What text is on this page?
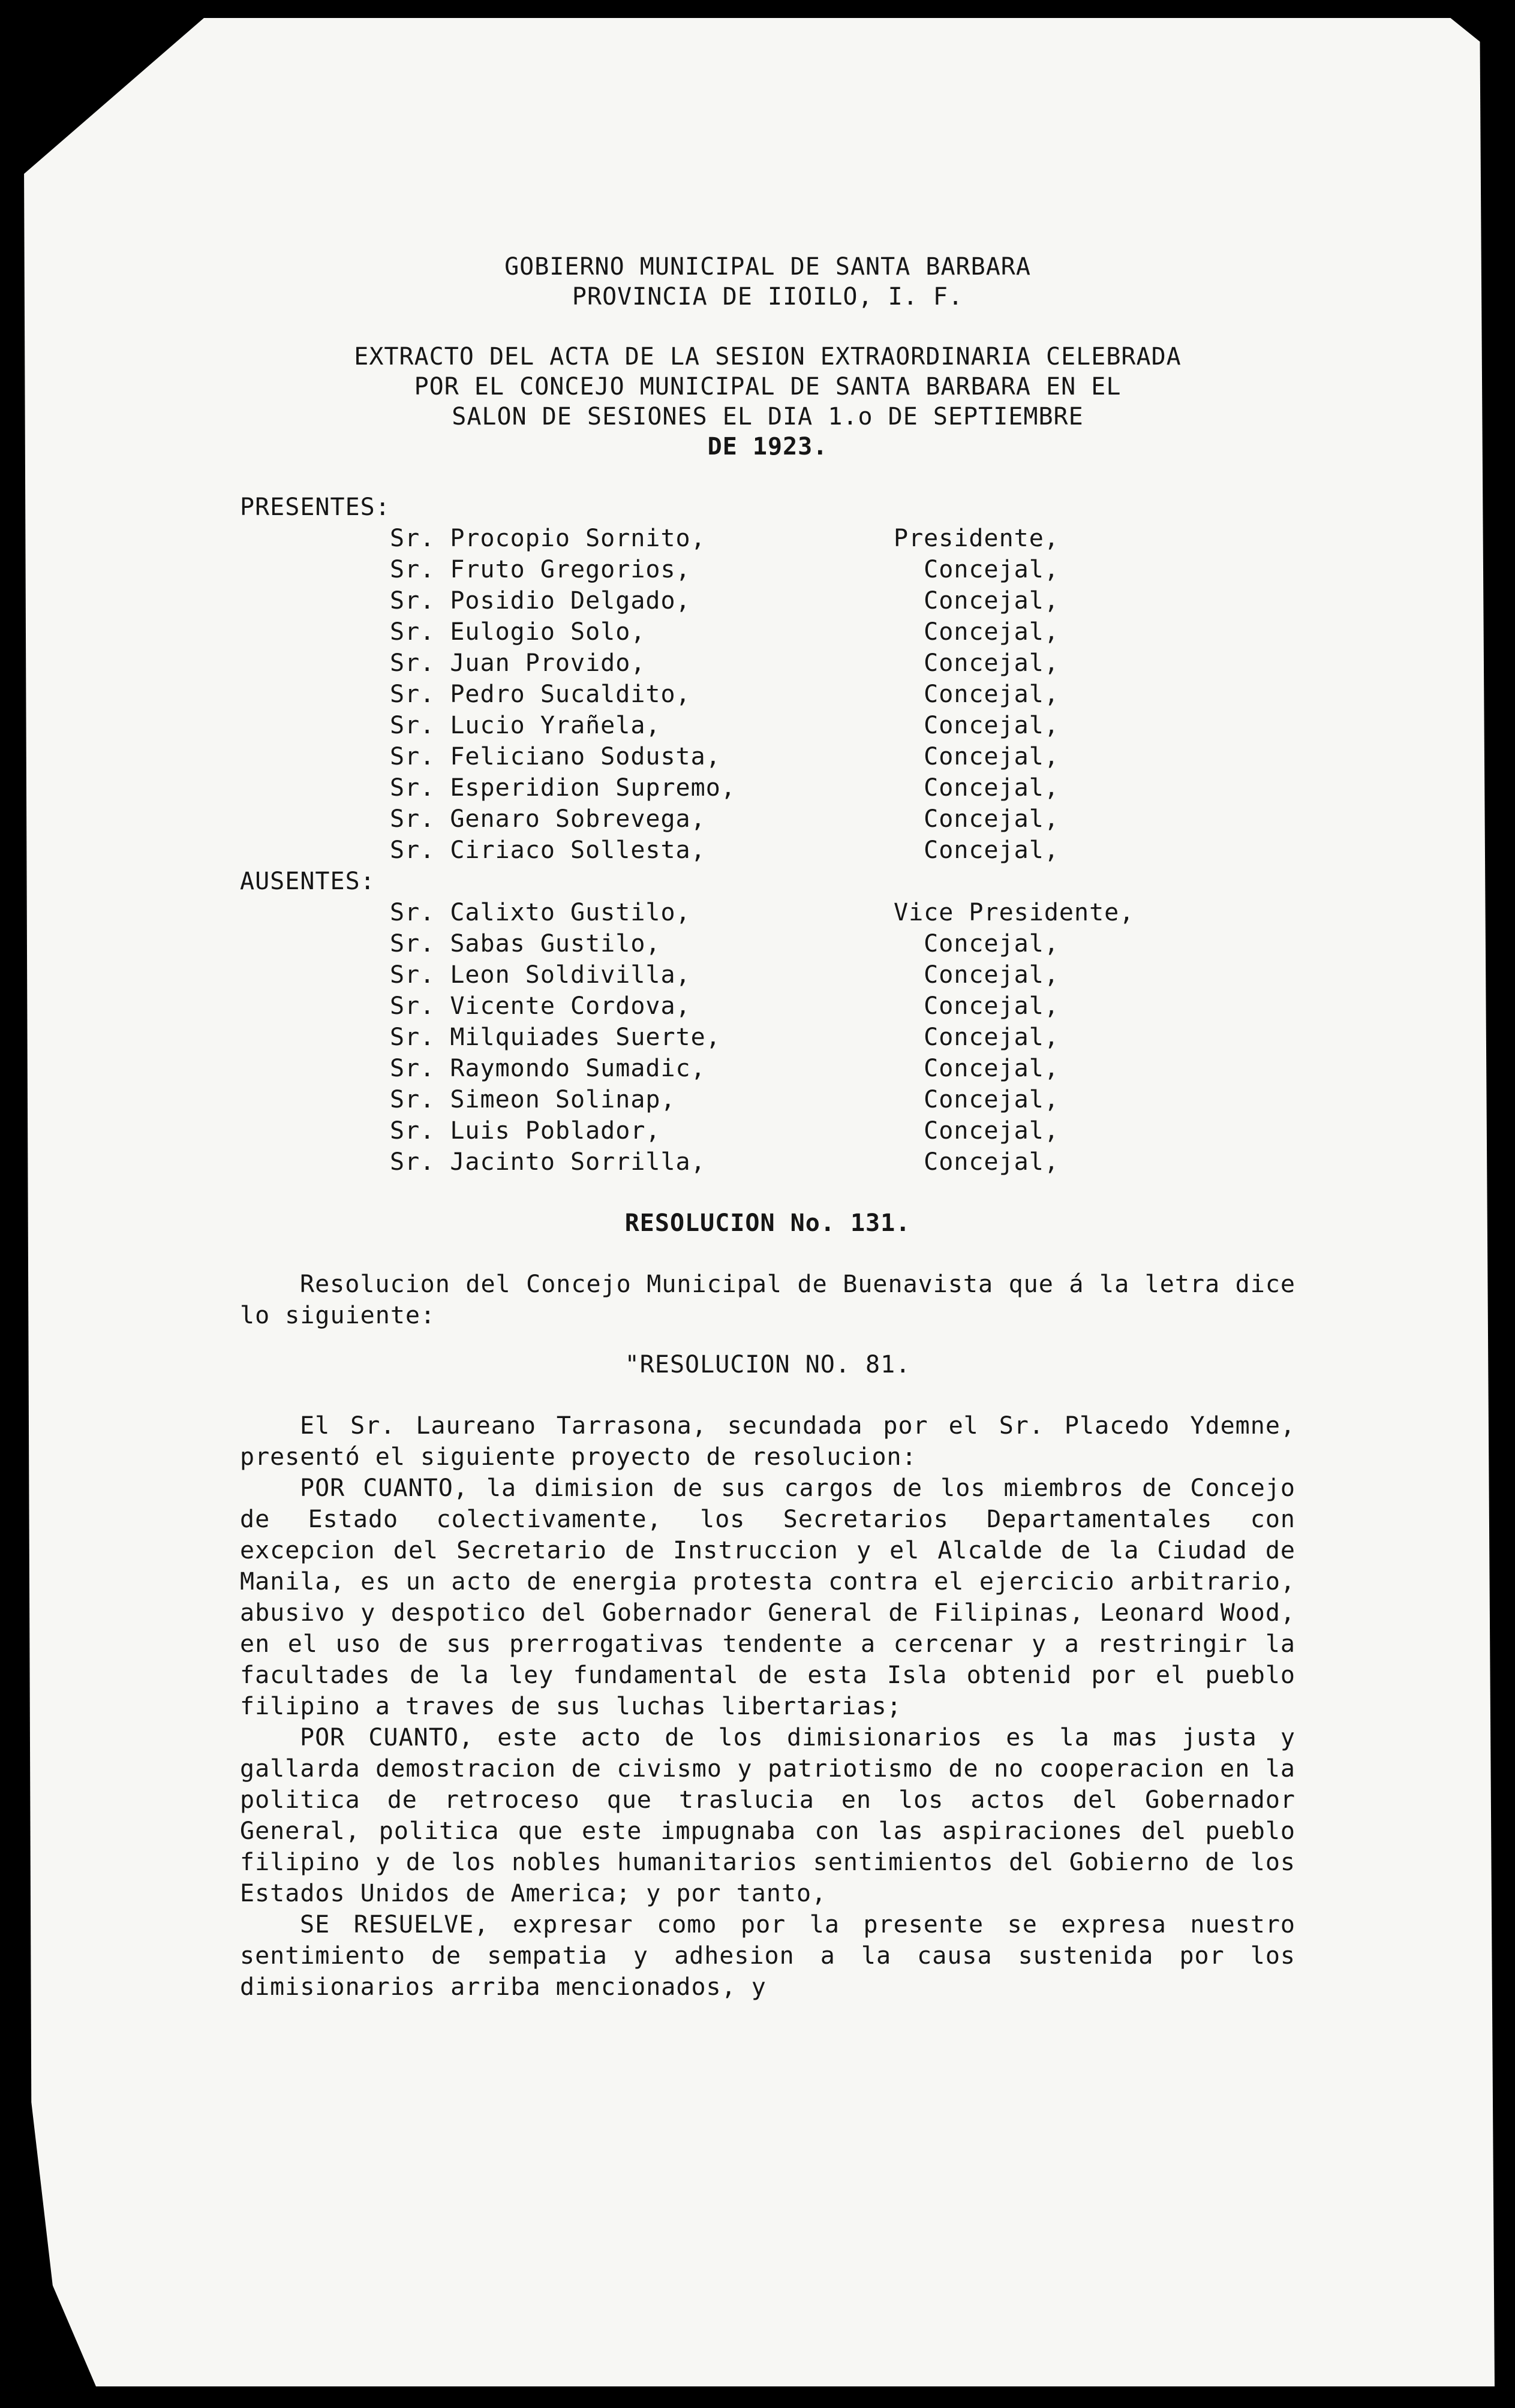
GOBIERNO MUNICIPAL DE SANTA BARBARA
PROVINCIA DE IIOILO, I. F.
EXTRACTO DEL ACTA DE LA SESION EXTRAORDINARIA CELEBRADA
POR EL CONCEJO MUNICIPAL DE SANTA BARBARA EN EL
SALON DE SESIONES EL DIA 1.o DE SEPTIEMBRE
DE 1923.
PRESENTES:
Sr. Procopio Sornito,	Presidente,
Sr. Fruto Gregorios,	Concejal,
Sr. Posidio Delgado,	Concejal,
Sr. Eulogio Solo,	Concejal,
Sr. Juan Provido,	Concejal,
Sr. Pedro Sucaldito,	Concejal,
Sr. Lucio Yrañela,	Concejal,
Sr. Feliciano Sodusta,	Concejal,
Sr. Esperidion Supremo,	Concejal,
Sr. Genaro Sobrevega,	Concejal,
Sr. Ciriaco Sollesta,	Concejal,
AUSENTES:
Sr. Calixto Gustilo,	Vice Presidente,
Sr. Sabas Gustilo,	Concejal,
Sr. Leon Soldivilla,	Concejal,
Sr. Vicente Cordova,	Concejal,
Sr. Milquiades Suerte,	Concejal,
Sr. Raymondo Sumadic,	Concejal,
Sr. Simeon Solinap,	Concejal,
Sr. Luis Poblador,	Concejal,
Sr. Jacinto Sorrilla,	Concejal,
RESOLUCION No. 131.
Resolucion del Concejo Municipal de Buenavista que á la letra dice lo siguiente:
"RESOLUCION NO. 81.
El Sr. Laureano Tarrasona, secundada por el Sr. Placedo Ydemne, presentó el siguiente proyecto de resolucion:
POR CUANTO, la dimision de sus cargos de los miembros de Concejo de Estado colectivamente, los Secretarios Departamentales con excepcion del Secretario de Instruccion y el Alcalde de la Ciudad de Manila, es un acto de energia protesta contra el ejercicio arbitrario, abusivo y despotico del Gobernador General de Filipinas, Leonard Wood, en el uso de sus prerrogativas tendente a cercenar y a restringir la facultades de la ley fundamental de esta Isla obtenid por el pueblo filipino a traves de sus luchas libertarias;
POR CUANTO, este acto de los dimisionarios es la mas justa y gallarda demostracion de civismo y patriotismo de no cooperacion en la politica de retroceso que traslucia en los actos del Gobernador General, politica que este impugnaba con las aspiraciones del pueblo filipino y de los nobles humanitarios sentimientos del Gobierno de los Estados Unidos de America; y por tanto,
SE RESUELVE, expresar como por la presente se expresa nuestro sentimiento de sempatia y adhesion a la causa sustenida por los dimisionarios arriba mencionados, y
